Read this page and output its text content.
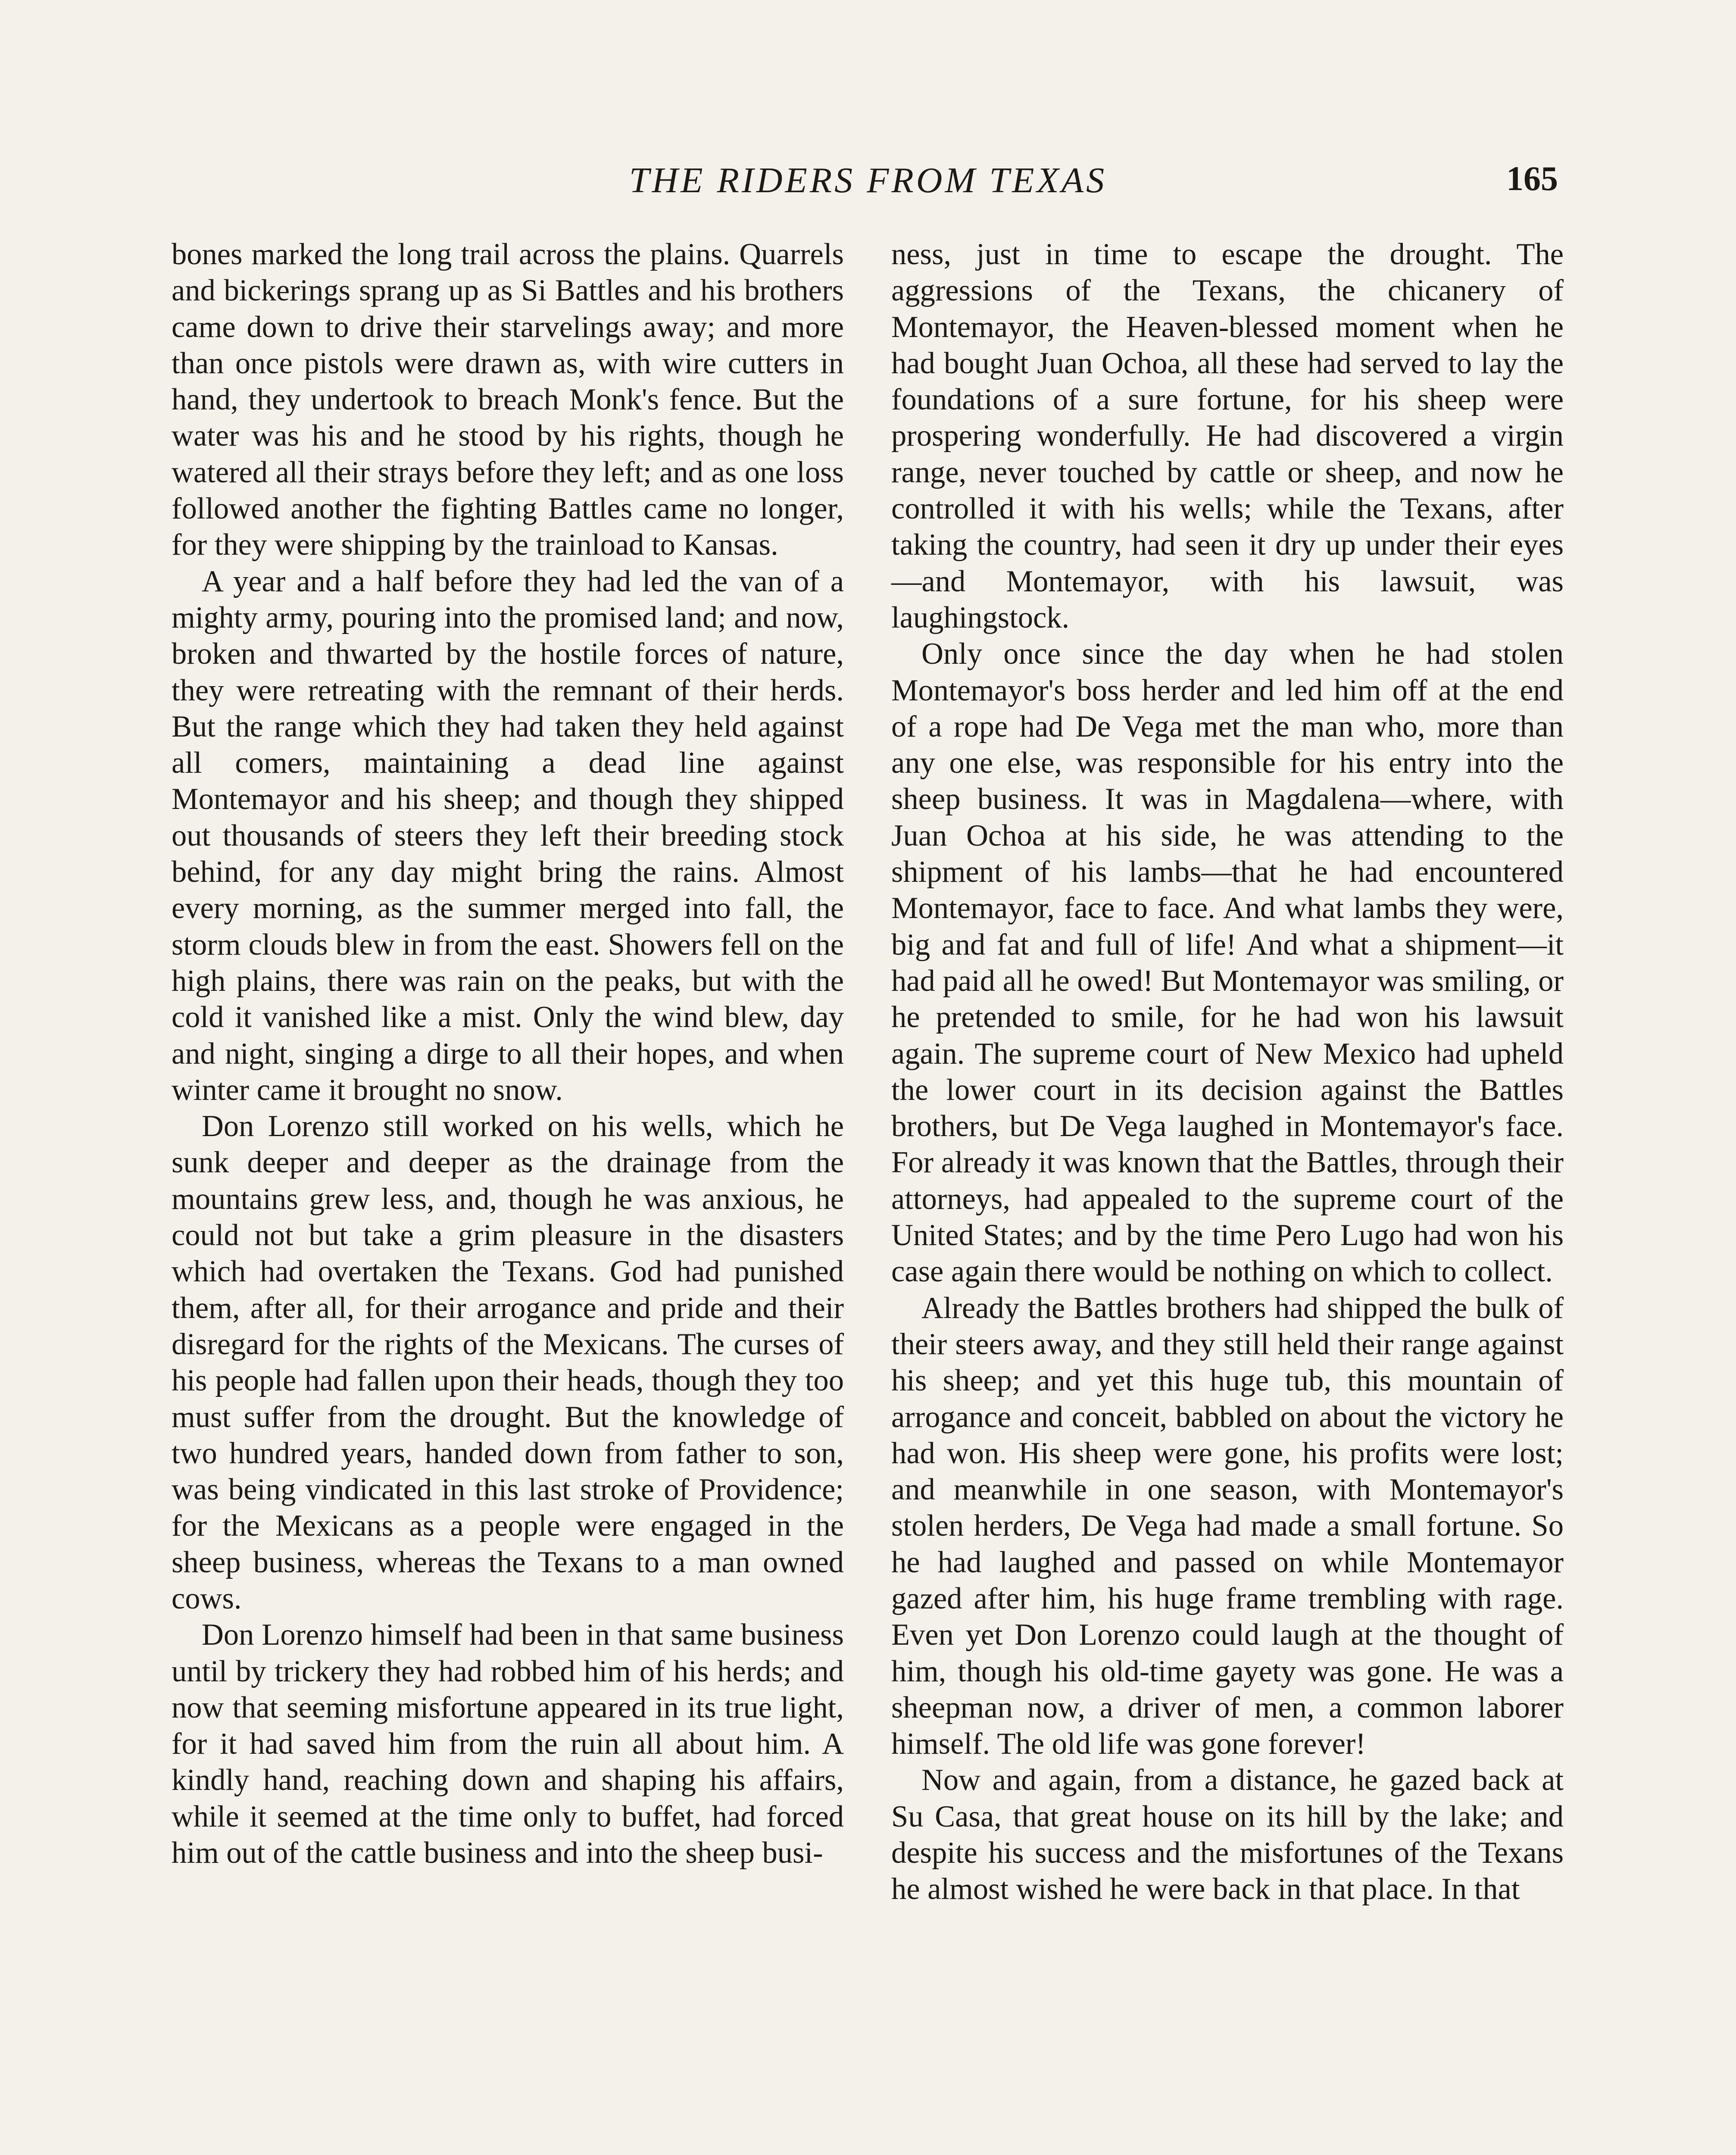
THE RIDERS FROM TEXAS	165

bones marked the long trail across the plains. Quarrels and bickerings sprang up as Si Battles and his brothers came down to drive their starvelings away; and more than once pistols were drawn as, with wire cutters in hand, they undertook to breach Monk's fence. But the water was his and he stood by his rights, though he watered all their strays before they left; and as one loss followed another the fighting Battles came no longer, for they were shipping by the trainload to Kansas.

A year and a half before they had led the van of a mighty army, pouring into the promised land; and now, broken and thwarted by the hostile forces of nature, they were retreating with the remnant of their herds. But the range which they had taken they held against all comers, maintaining a dead line against Montemayor and his sheep; and though they shipped out thousands of steers they left their breeding stock behind, for any day might bring the rains. Almost every morning, as the summer merged into fall, the storm clouds blew in from the east. Showers fell on the high plains, there was rain on the peaks, but with the cold it vanished like a mist. Only the wind blew, day and night, singing a dirge to all their hopes, and when winter came it brought no snow.

Don Lorenzo still worked on his wells, which he sunk deeper and deeper as the drainage from the mountains grew less, and, though he was anxious, he could not but take a grim pleasure in the disasters which had overtaken the Texans. God had punished them, after all, for their arrogance and pride and their disregard for the rights of the Mexicans. The curses of his people had fallen upon their heads, though they too must suffer from the drought. But the knowledge of two hundred years, handed down from father to son, was being vindicated in this last stroke of Providence; for the Mexicans as a people were engaged in the sheep business, whereas the Texans to a man owned cows.

Don Lorenzo himself had been in that same business until by trickery they had robbed him of his herds; and now that seeming misfortune appeared in its true light, for it had saved him from the ruin all about him. A kindly hand, reaching down and shaping his affairs, while it seemed at the time only to buffet, had forced him out of the cattle business and into the sheep busi-

ness, just in time to escape the drought. The aggressions of the Texans, the chicanery of Montemayor, the Heaven-blessed moment when he had bought Juan Ochoa, all these had served to lay the foundations of a sure fortune, for his sheep were prospering wonderfully. He had discovered a virgin range, never touched by cattle or sheep, and now he controlled it with his wells; while the Texans, after taking the country, had seen it dry up under their eyes—and Montemayor, with his lawsuit, was laughingstock.

Only once since the day when he had stolen Montemayor's boss herder and led him off at the end of a rope had De Vega met the man who, more than any one else, was responsible for his entry into the sheep business. It was in Magdalena—where, with Juan Ochoa at his side, he was attending to the shipment of his lambs—that he had encountered Montemayor, face to face. And what lambs they were, big and fat and full of life! And what a shipment—it had paid all he owed! But Montemayor was smiling, or he pretended to smile, for he had won his lawsuit again. The supreme court of New Mexico had upheld the lower court in its decision against the Battles brothers, but De Vega laughed in Montemayor's face. For already it was known that the Battles, through their attorneys, had appealed to the supreme court of the United States; and by the time Pero Lugo had won his case again there would be nothing on which to collect.

Already the Battles brothers had shipped the bulk of their steers away, and they still held their range against his sheep; and yet this huge tub, this mountain of arrogance and conceit, babbled on about the victory he had won. His sheep were gone, his profits were lost; and meanwhile in one season, with Montemayor's stolen herders, De Vega had made a small fortune. So he had laughed and passed on while Montemayor gazed after him, his huge frame trembling with rage. Even yet Don Lorenzo could laugh at the thought of him, though his old-time gayety was gone. He was a sheepman now, a driver of men, a common laborer himself. The old life was gone forever!

Now and again, from a distance, he gazed back at Su Casa, that great house on its hill by the lake; and despite his success and the misfortunes of the Texans he almost wished he were back in that place. In that
